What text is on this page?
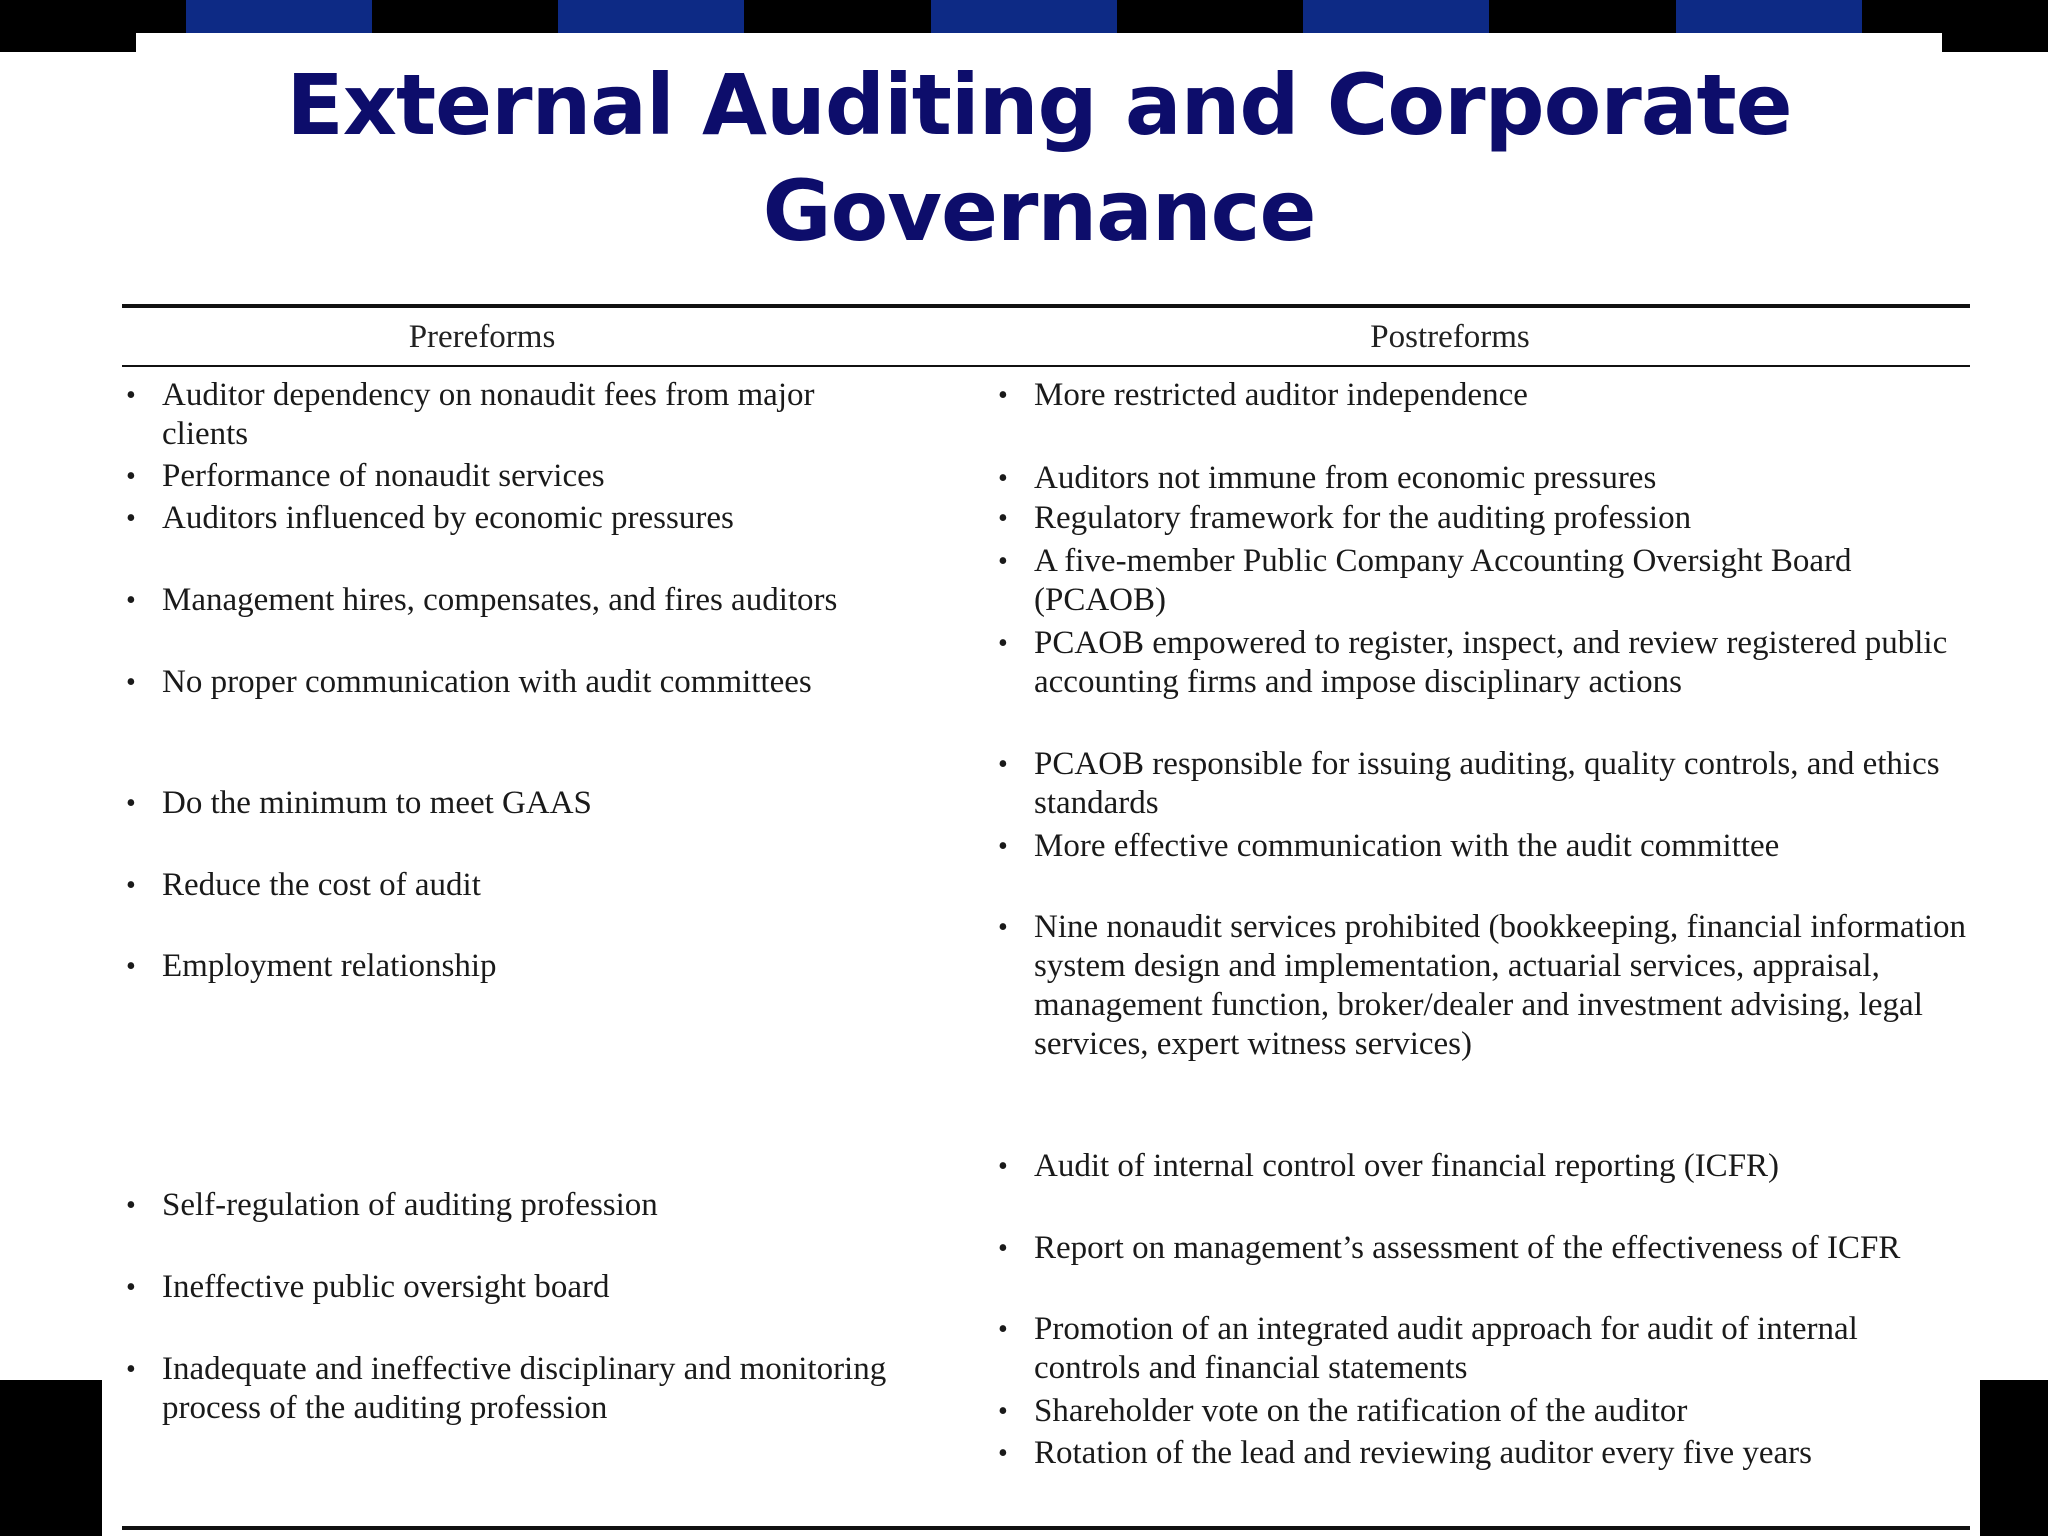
External Auditing and Corporate
Governance
Prereforms	Postreforms

• Auditor dependency on nonaudit fees from major clients

• Performance of nonaudit services

• Auditors influenced by economic pressures

• Management hires, compensates, and fires auditors

• No proper communication with audit committees

• Do the minimum to meet GAAS

• Reduce the cost of audit

• Employment relationship

• Self-regulation of auditing profession

• Ineffective public oversight board

• Inadequate and ineffective disciplinary and monitoring process of the auditing profession

• More restricted auditor independence

• Auditors not immune from economic pressures

• Regulatory framework for the auditing profession

• A five-member Public Company Accounting Oversight Board (PCAOB)

• PCAOB empowered to register, inspect, and review registered public accounting firms and impose disciplinary actions

• PCAOB responsible for issuing auditing, quality controls, and ethics standards

• More effective communication with the audit committee

• Nine nonaudit services prohibited (bookkeeping, financial information system design and implementation, actuarial services, appraisal, management function, broker/dealer and investment advising, legal services, expert witness services)

• Audit of internal control over financial reporting (ICFR)

• Report on management’s assessment of the effectiveness of ICFR

• Promotion of an integrated audit approach for audit of internal controls and financial statements

• Shareholder vote on the ratification of the auditor

• Rotation of the lead and reviewing auditor every five years
